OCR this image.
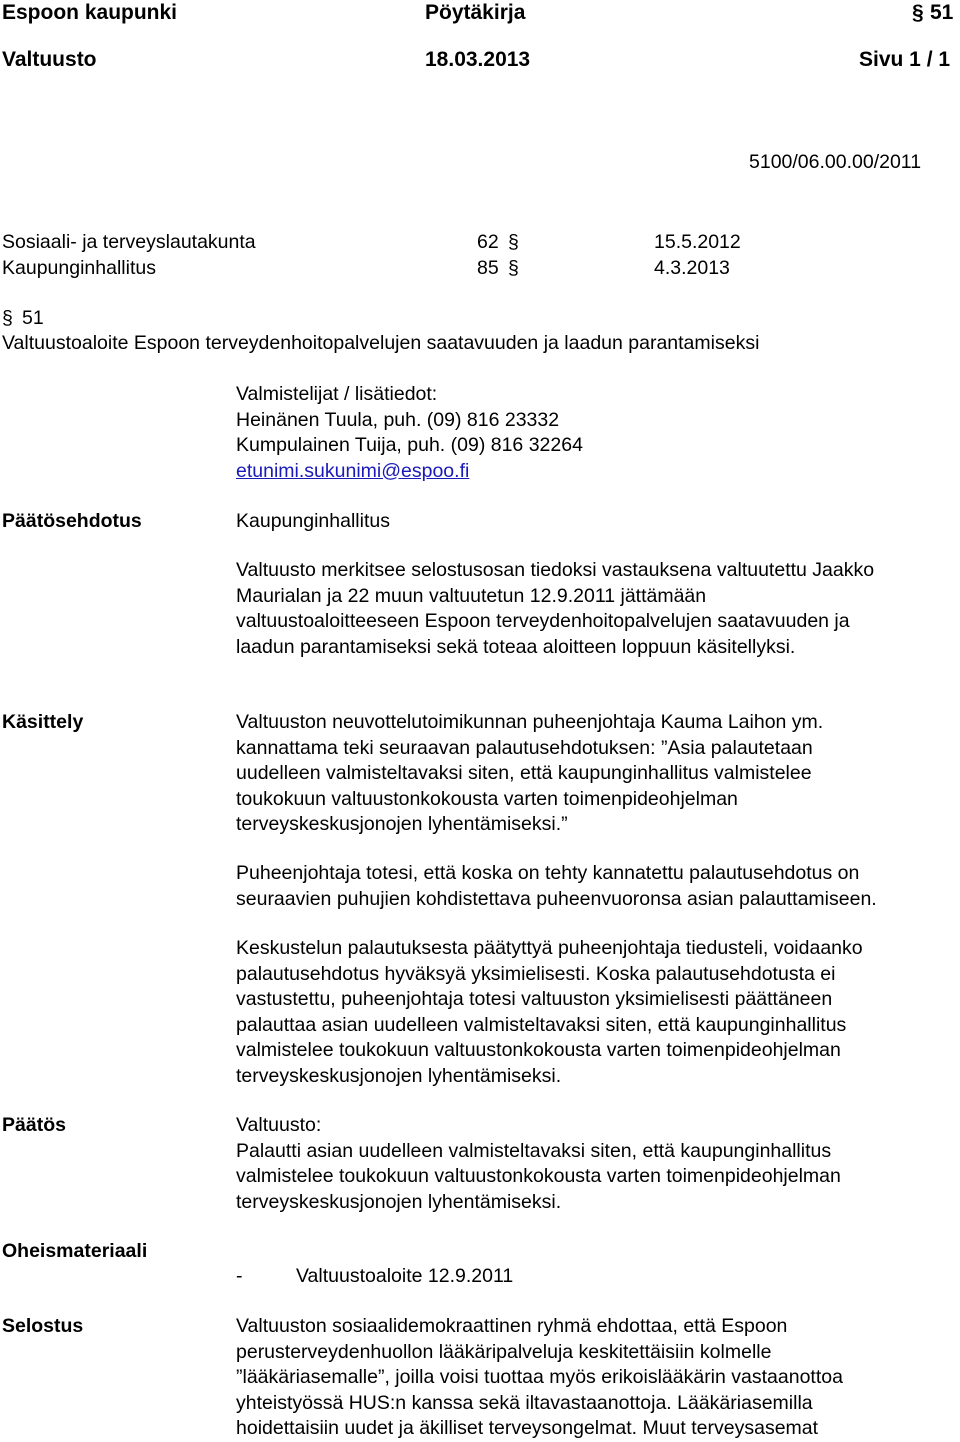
Espoon kaupunki	Pöytäkirja	§ 51
Valtuusto	18.03.2013	Sivu 1 / 1
5100/06.00.00/2011
Sosiaali- ja terveyslautakunta	62 §	15.5.2012
Kaupunginhallitus	85 §	4.3.2013
§ 51
Valtuustoaloite Espoon terveydenhoitopalvelujen saatavuuden ja laadun parantamiseksi
Valmistelijat / lisätiedot:
Heinänen Tuula, puh. (09) 816 23332
Kumpulainen Tuija, puh. (09) 816 32264
etunimi.sukunimi@espoo.fi
Päätösehdotus	Kaupunginhallitus
Valtuusto merkitsee selostusosan tiedoksi vastauksena valtuutettu Jaakko
Maurialan ja 22 muun valtuutetun 12.9.2011 jättämään
valtuustoaloitteeseen Espoon terveydenhoitopalvelujen saatavuuden ja
laadun parantamiseksi sekä toteaa aloitteen loppuun käsitellyksi.
Käsittely	Valtuuston neuvottelutoimikunnan puheenjohtaja Kauma Laihon ym.
kannattama teki seuraavan palautusehdotuksen: ”Asia palautetaan
uudelleen valmisteltavaksi siten, että kaupunginhallitus valmistelee
toukokuun valtuustonkokousta varten toimenpideohjelman
terveyskeskusjonojen lyhentämiseksi.”
Puheenjohtaja totesi, että koska on tehty kannatettu palautusehdotus on
seuraavien puhujien kohdistettava puheenvuoronsa asian palauttamiseen.
Keskustelun palautuksesta päätyttyä puheenjohtaja tiedusteli, voidaanko
palautusehdotus hyväksyä yksimielisesti. Koska palautusehdotusta ei
vastustettu, puheenjohtaja totesi valtuuston yksimielisesti päättäneen
palauttaa asian uudelleen valmisteltavaksi siten, että kaupunginhallitus
valmistelee toukokuun valtuustonkokousta varten toimenpideohjelman
terveyskeskusjonojen lyhentämiseksi.
Päätös	Valtuusto:
Palautti asian uudelleen valmisteltavaksi siten, että kaupunginhallitus
valmistelee toukokuun valtuustonkokousta varten toimenpideohjelman
terveyskeskusjonojen lyhentämiseksi.
Oheismateriaali
-	Valtuustoaloite 12.9.2011
Selostus	Valtuuston sosiaalidemokraattinen ryhmä ehdottaa, että Espoon
perusterveydenhuollon lääkäripalveluja keskitettäisiin kolmelle
”lääkäriasemalle”, joilla voisi tuottaa myös erikoislääkärin vastaanottoa
yhteistyössä HUS:n kanssa sekä iltavastaanottoja. Lääkäriasemilla
hoidettaisiin uudet ja äkilliset terveysongelmat. Muut terveysasemat
